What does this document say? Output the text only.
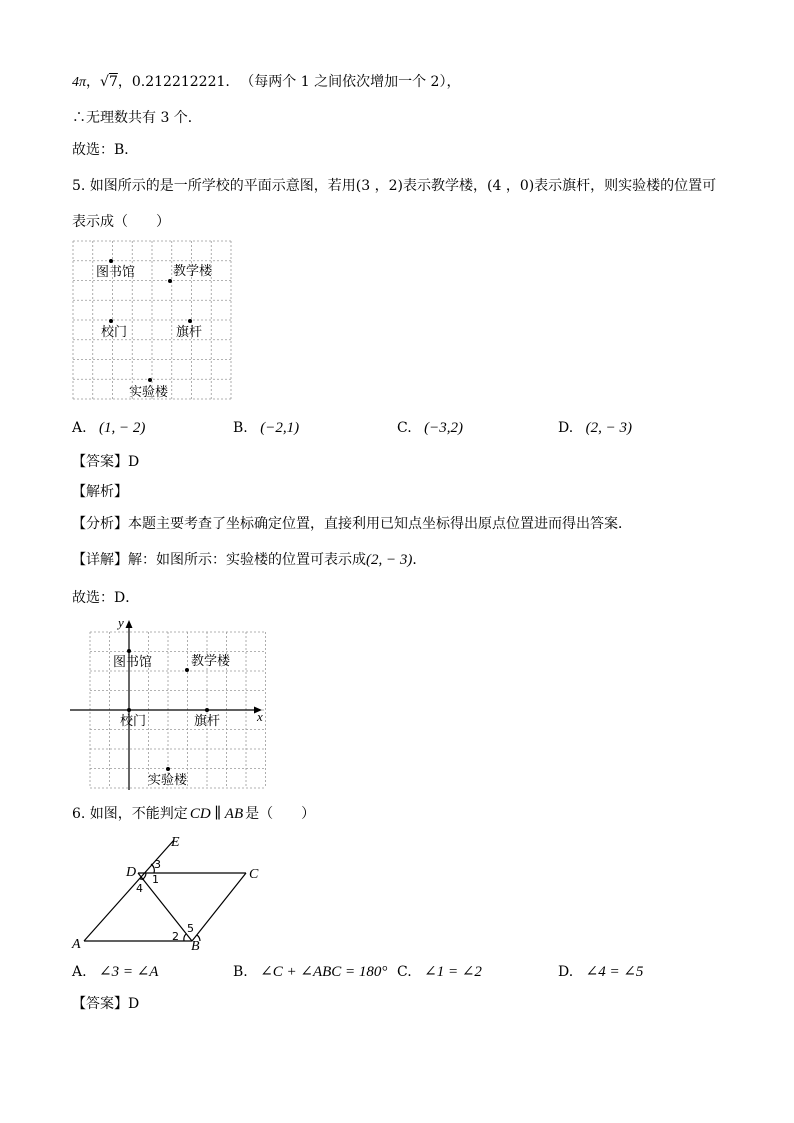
4π，√7，0.212212221. （每两个 1 之间依次增加一个 2），
∴无理数共有 3 个．
故选：B．
5. 如图所示的是一所学校的平面示意图，若用(3 ，2)表示教学楼，(4 ，0)表示旗杆，则实验楼的位置可
表示成（　　）
图书馆	教学楼
校门	旗杆
实验楼
A. (1, − 2)	B. (−2,1)	C. (−3,2)	D. (2, − 3)
【答案】D
【解析】
【分析】本题主要考查了坐标确定位置，直接利用已知点坐标得出原点位置进而得出答案．
【详解】解：如图所示：实验楼的位置可表示成(2, − 3)．
故选：D．
x
y
图书馆	教学楼
校门	旗杆
实验楼
6. 如图，不能判定 CD ∥ AB 是（　　）
E
D	C
A	B
3
1
4
2
5
A. ∠3 = ∠A	B. ∠C + ∠ABC = 180° C. ∠1 = ∠2	D. ∠4 = ∠5
【答案】D
